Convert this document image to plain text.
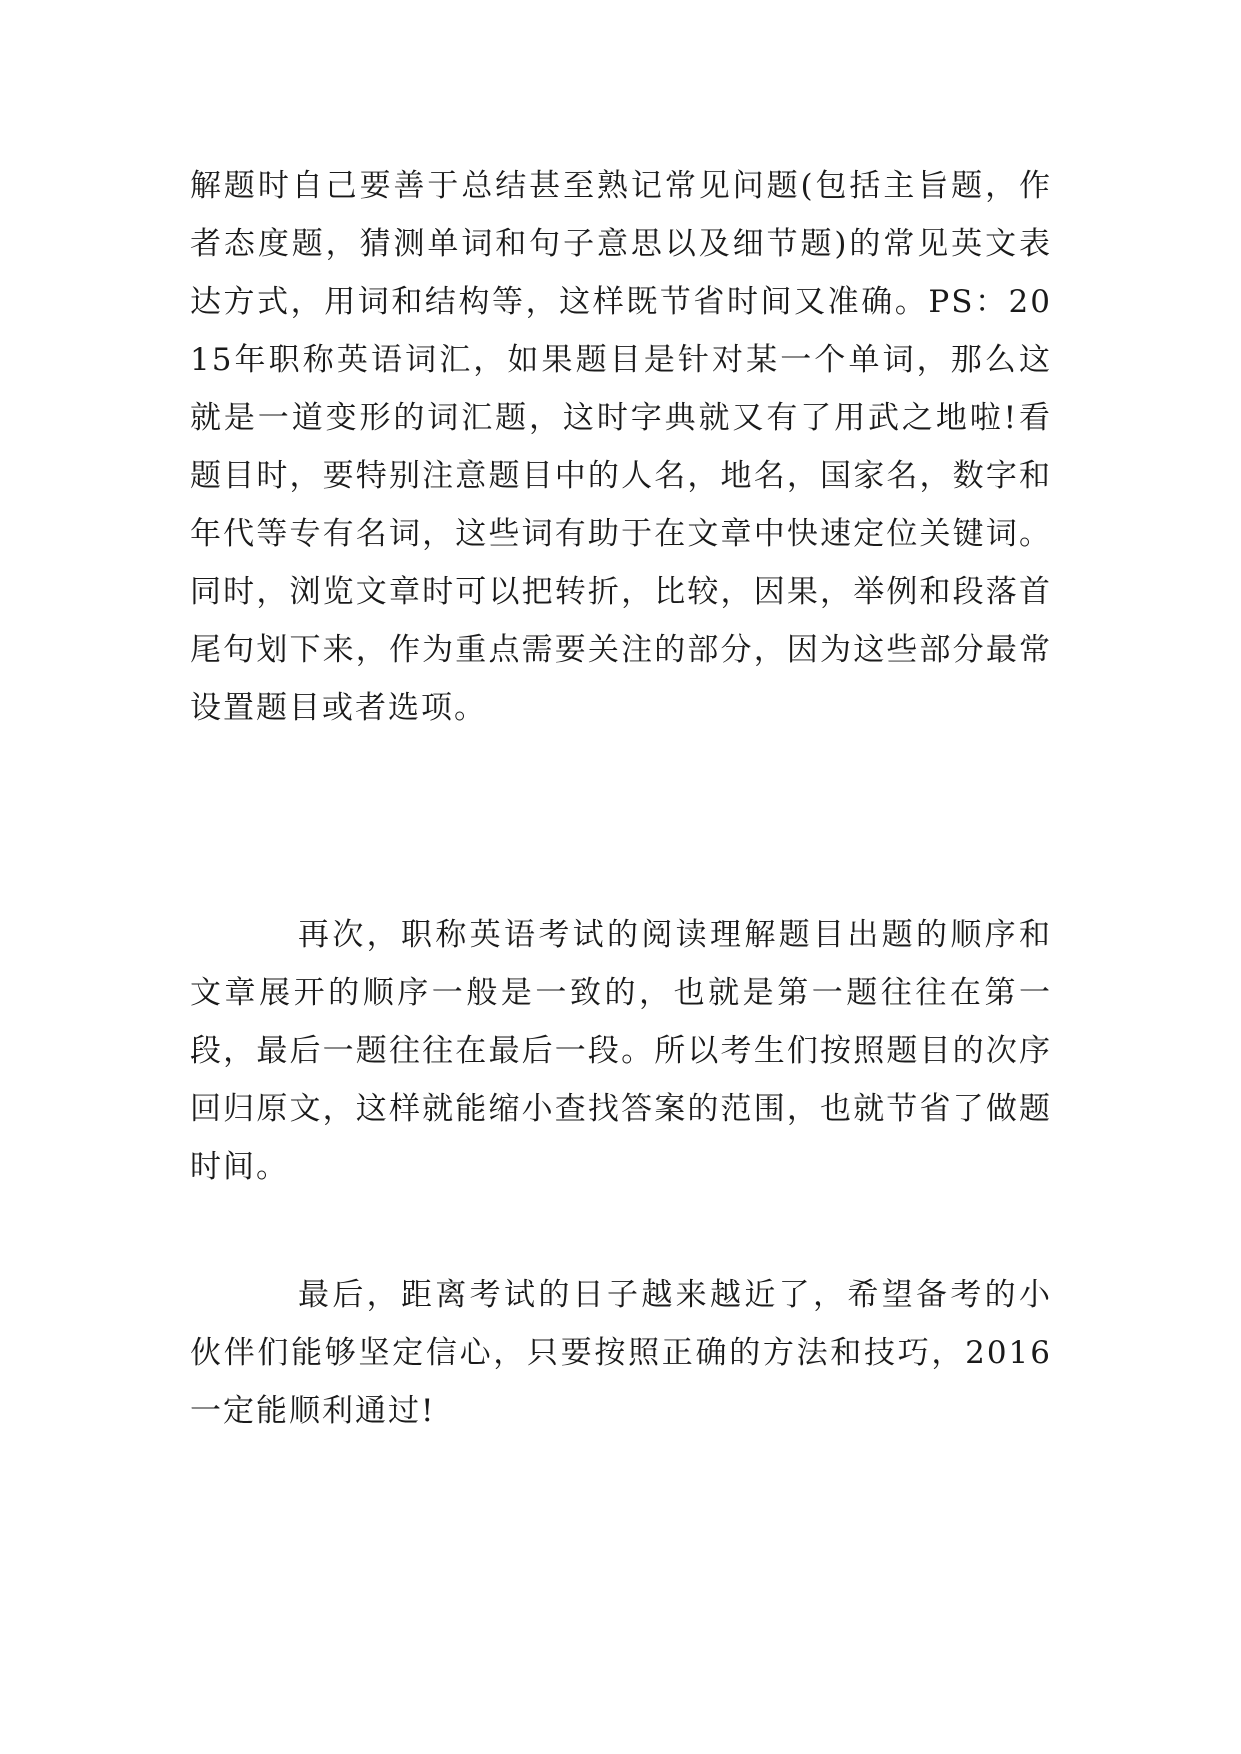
解题时自己要善于总结甚至熟记常见问题(包括主旨题，作者态度题，猜测单词和句子意思以及细节题)的常见英文表达方式，用词和结构等，这样既节省时间又准确。PS：2015年职称英语词汇，如果题目是针对某一个单词，那么这就是一道变形的词汇题，这时字典就又有了用武之地啦!看题目时，要特别注意题目中的人名，地名，国家名，数字和年代等专有名词，这些词有助于在文章中快速定位关键词。同时，浏览文章时可以把转折，比较，因果，举例和段落首尾句划下来，作为重点需要关注的部分，因为这些部分最常设置题目或者选项。

再次，职称英语考试的阅读理解题目出题的顺序和文章展开的顺序一般是一致的，也就是第一题往往在第一段，最后一题往往在最后一段。所以考生们按照题目的次序回归原文，这样就能缩小查找答案的范围，也就节省了做题时间。

最后，距离考试的日子越来越近了，希望备考的小伙伴们能够坚定信心，只要按照正确的方法和技巧，2016一定能顺利通过!
